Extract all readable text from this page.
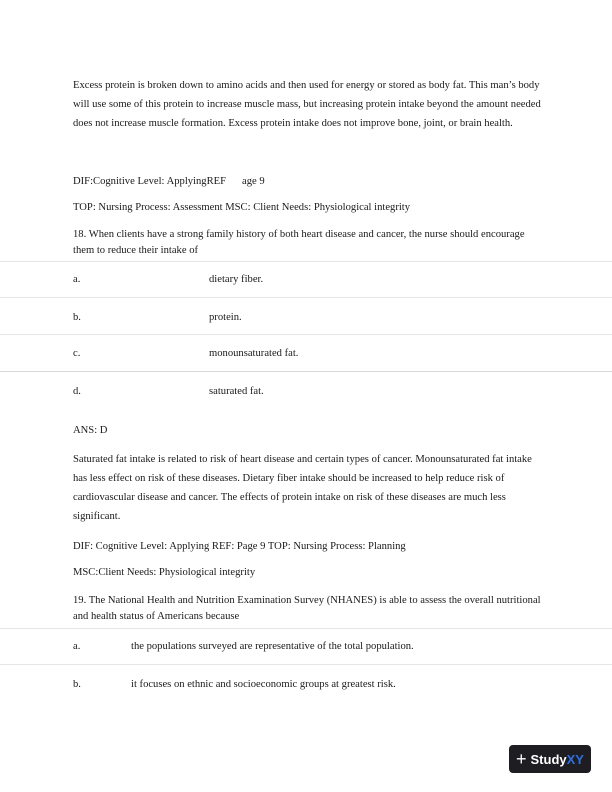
Excess protein is broken down to amino acids and then used for energy or stored as body fat. This man’s body will use some of this protein to increase muscle mass, but increasing protein intake beyond the amount needed does not increase muscle formation. Excess protein intake does not improve bone, joint, or brain health.
DIF:Cognitive Level: ApplyingREF age 9
TOP: Nursing Process: Assessment MSC: Client Needs: Physiological integrity
18. When clients have a strong family history of both heart disease and cancer, the nurse should encourage them to reduce their intake of
a.	dietary fiber.
b.	protein.
c.	monounsaturated fat.
d.	saturated fat.
ANS: D
Saturated fat intake is related to risk of heart disease and certain types of cancer. Monounsaturated fat intake has less effect on risk of these diseases. Dietary fiber intake should be increased to help reduce risk of cardiovascular disease and cancer. The effects of protein intake on risk of these diseases are much less significant.
DIF: Cognitive Level: Applying REF: Page 9 TOP: Nursing Process: Planning
MSC:Client Needs: Physiological integrity
19. The National Health and Nutrition Examination Survey (NHANES) is able to assess the overall nutritional and health status of Americans because
a.	the populations surveyed are representative of the total population.
b.	it focuses on ethnic and socioeconomic groups at greatest risk.
+ Study XY
